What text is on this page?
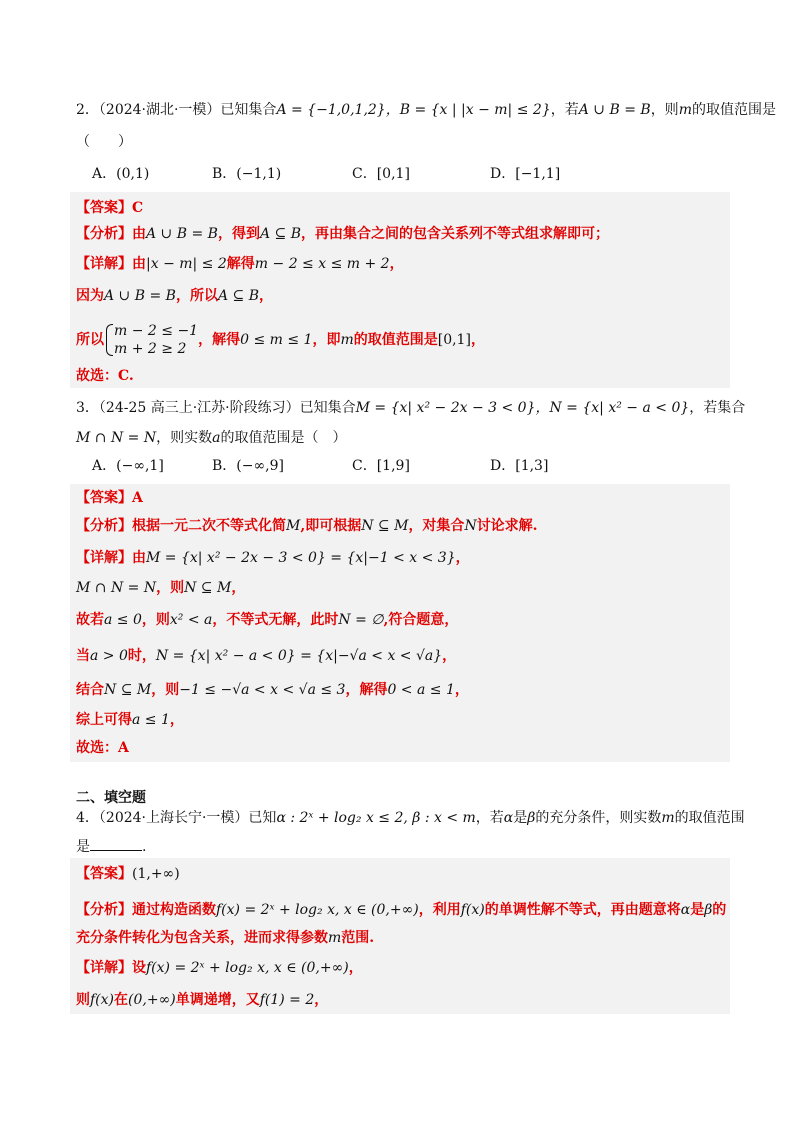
2．（2024·湖北·一模）已知集合A = {−1,0,1,2}，B = {x | |x − m| ≤ 2}，若A ∪ B = B，则m的取值范围是
（　　）
A．(0,1)	B．(−1,1)	C．[0,1]	D．[−1,1]
【答案】C
【分析】由A ∪ B = B，得到A ⊆ B，再由集合之间的包含关系列不等式组求解即可；
【详解】由|x − m| ≤ 2解得m − 2 ≤ x ≤ m + 2，
因为A ∪ B = B，所以A ⊆ B，
所以
m − 2 ≤ −1
m + 2 ≥ 2
，解得0 ≤ m ≤ 1，即m的取值范围是[0,1]，
故选：C.
3．（24-25 高三上·江苏·阶段练习）已知集合M = {x| x² − 2x − 3 < 0}，N = {x| x² − a < 0}，若集合
M ∩ N = N，则实数a的取值范围是（　）
A．(−∞,1]	B．(−∞,9]	C．[1,9]	D．[1,3]
【答案】A
【分析】根据一元二次不等式化简M,即可根据N ⊆ M，对集合N讨论求解.
【详解】由M = {x| x² − 2x − 3 < 0} = {x|−1 < x < 3}，
M ∩ N = N，则N ⊆ M，
故若a ≤ 0，则x² < a，不等式无解，此时N = ∅,符合题意，
当a > 0时，N = {x| x² − a < 0} = {x|−√a < x < √a}，
结合N ⊆ M，则−1 ≤ −√a < x < √a ≤ 3，解得0 < a ≤ 1，
综上可得a ≤ 1，
故选：A
二、填空题
4．（2024·上海长宁·一模）已知α : 2ˣ + log₂ x ≤ 2, β : x < m，若α是β的充分条件，则实数m的取值范围
是	.
【答案】(1,+∞)
【分析】通过构造函数f(x) = 2ˣ + log₂ x, x ∈ (0,+∞)，利用f(x)的单调性解不等式，再由题意将α是β的
充分条件转化为包含关系，进而求得参数m范围.
【详解】设f(x) = 2ˣ + log₂ x, x ∈ (0,+∞)，
则f(x)在(0,+∞)单调递增，又f(1) = 2，
